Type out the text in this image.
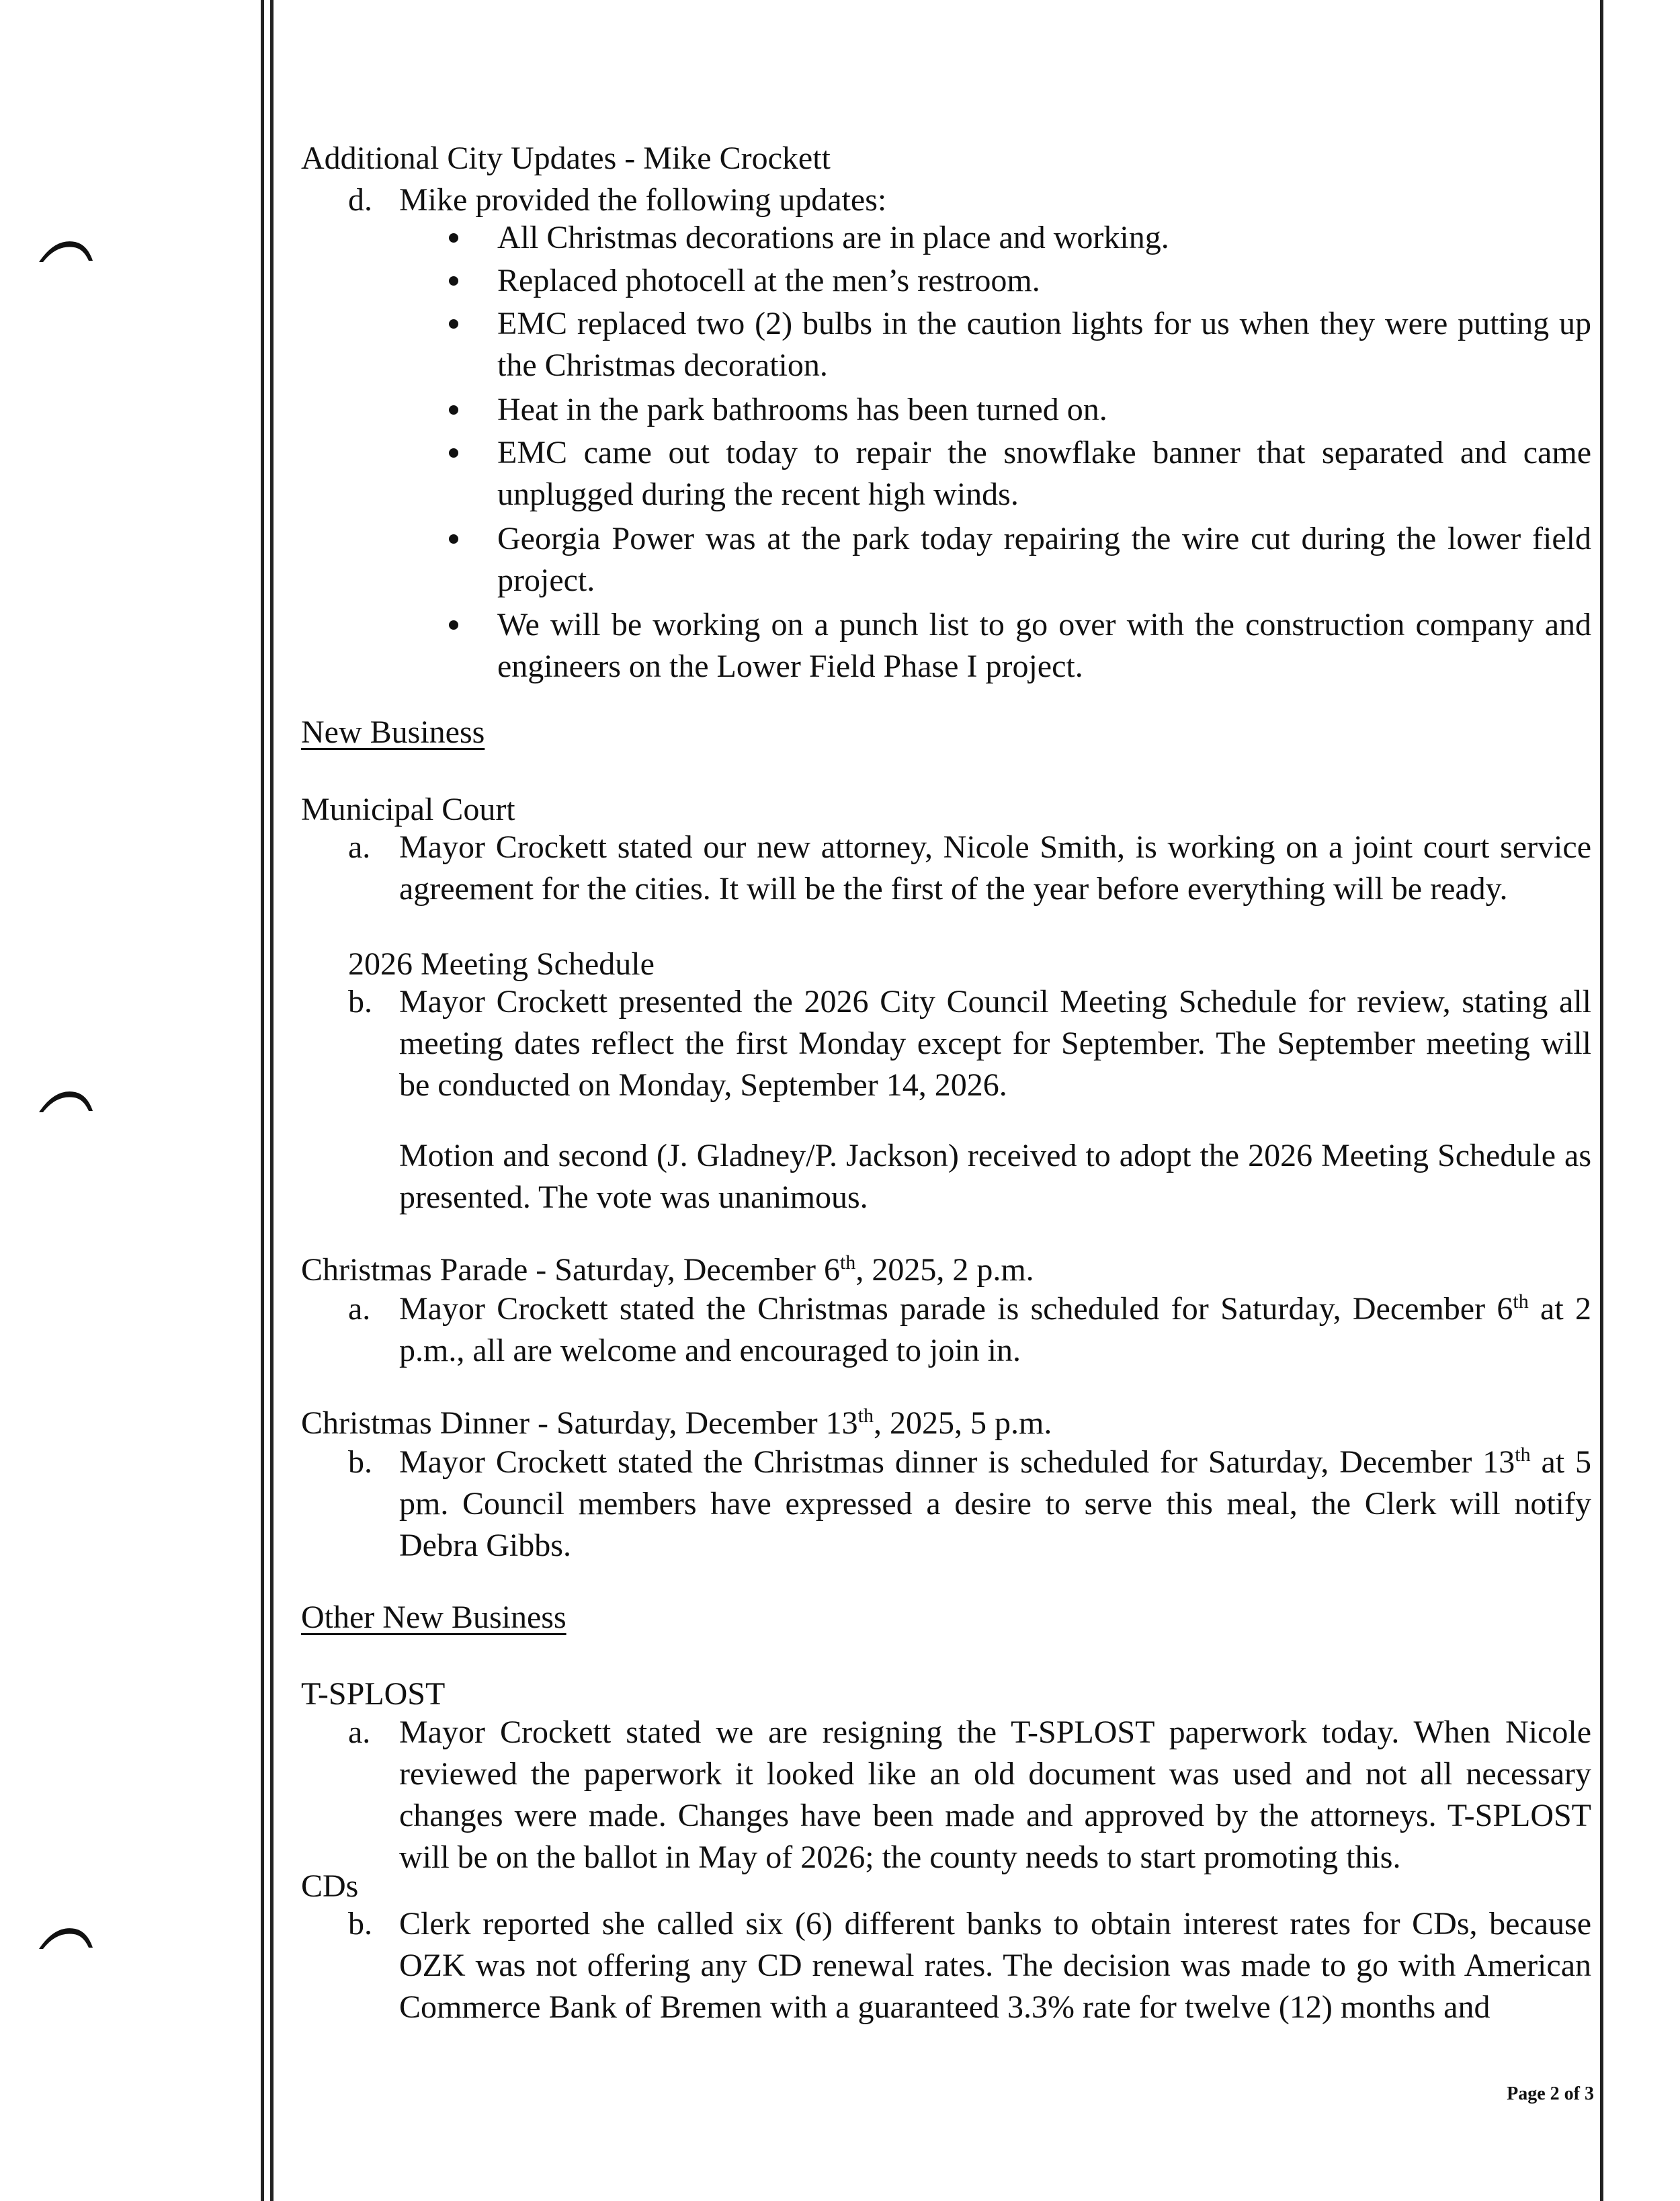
Additional City Updates - Mike Crockett
d. Mike provided the following updates:
All Christmas decorations are in place and working.
Replaced photocell at the men’s restroom.
EMC replaced two (2) bulbs in the caution lights for us when they were putting up the Christmas decoration.
Heat in the park bathrooms has been turned on.
EMC came out today to repair the snowflake banner that separated and came unplugged during the recent high winds.
Georgia Power was at the park today repairing the wire cut during the lower field project.
We will be working on a punch list to go over with the construction company and engineers on the Lower Field Phase I project.
New Business
Municipal Court
a. Mayor Crockett stated our new attorney, Nicole Smith, is working on a joint court service agreement for the cities. It will be the first of the year before everything will be ready.
2026 Meeting Schedule
b. Mayor Crockett presented the 2026 City Council Meeting Schedule for review, stating all meeting dates reflect the first Monday except for September. The September meeting will be conducted on Monday, September 14, 2026.
Motion and second (J. Gladney/P. Jackson) received to adopt the 2026 Meeting Schedule as presented. The vote was unanimous.
Christmas Parade - Saturday, December 6th, 2025, 2 p.m.
a. Mayor Crockett stated the Christmas parade is scheduled for Saturday, December 6th at 2 p.m., all are welcome and encouraged to join in.
Christmas Dinner - Saturday, December 13th, 2025, 5 p.m.
b. Mayor Crockett stated the Christmas dinner is scheduled for Saturday, December 13th at 5 pm. Council members have expressed a desire to serve this meal, the Clerk will notify Debra Gibbs.
Other New Business
T-SPLOST
a. Mayor Crockett stated we are resigning the T-SPLOST paperwork today. When Nicole reviewed the paperwork it looked like an old document was used and not all necessary changes were made. Changes have been made and approved by the attorneys. T-SPLOST will be on the ballot in May of 2026; the county needs to start promoting this.
CDs
b. Clerk reported she called six (6) different banks to obtain interest rates for CDs, because OZK was not offering any CD renewal rates. The decision was made to go with American Commerce Bank of Bremen with a guaranteed 3.3% rate for twelve (12) months and
Page 2 of 3
